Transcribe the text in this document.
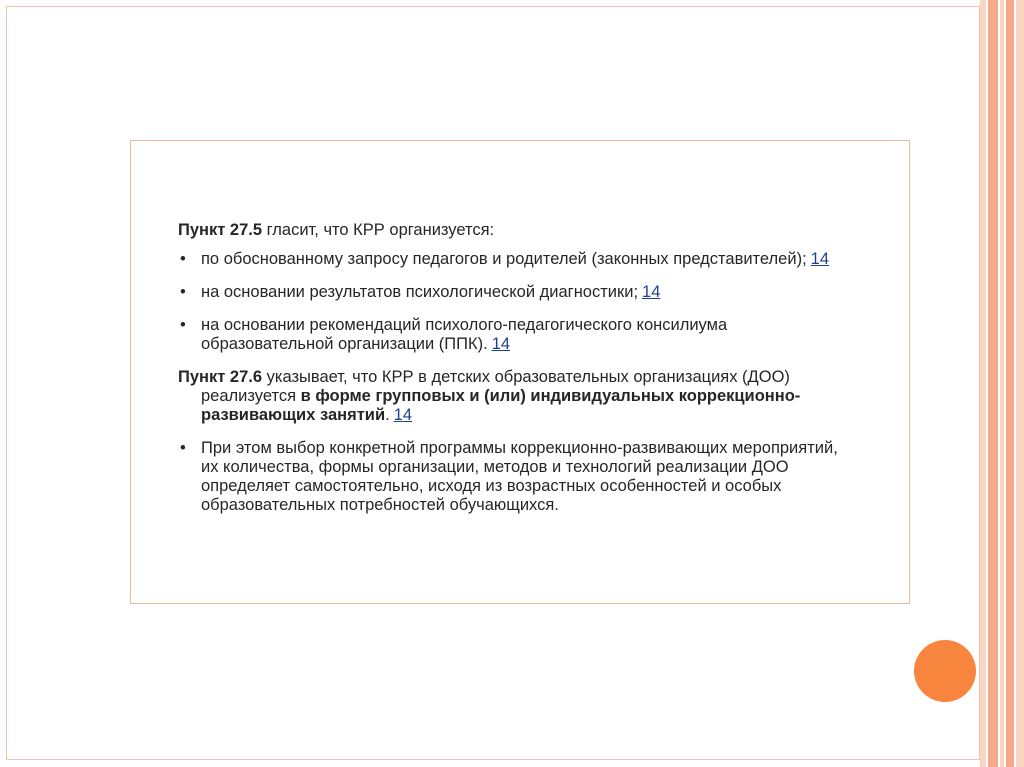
Пункт 27.5 гласит, что КРР организуется:

• по обоснованному запросу педагогов и родителей (законных представителей); 14
• на основании результатов психологической диагностики; 14
• на основании рекомендаций психолого-педагогического консилиума
образовательной организации (ППК). 14

Пункт 27.6 указывает, что КРР в детских образовательных организациях (ДОО)
реализуется в форме групповых и (или) индивидуальных коррекционно-
развивающих занятий. 14

• При этом выбор конкретной программы коррекционно-развивающих мероприятий,
их количества, формы организации, методов и технологий реализации ДОО
определяет самостоятельно, исходя из возрастных особенностей и особых
образовательных потребностей обучающихся.
